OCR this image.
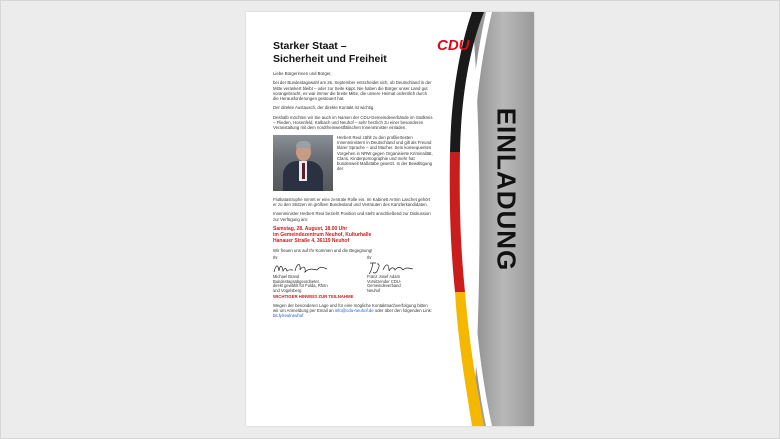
CDU
EINLADUNG
Starker Staat –
Sicherheit und Freiheit

Liebe Bürgerinnen und Bürger,

bei der Bundestagswahl am 26. September entscheidet sich, ob Deutschland in der Mitte verankert bleibt – oder zur Seite kippt. Nie haben die Bürger unser Land gut vorangebracht, es war immer die breite Mitte, die unsere Heimat ordentlich durch die Herausforderungen gesteuert hat.

Der direkte Austausch, der direkte Kontakt ist wichtig.

Deshalb möchten wir Sie auch im Namen der CDU-Gemeindeverbände im Südkreis – Flieden, Hosenfeld, Kalbach und Neuhof – sehr herzlich zu einer besonderen Veranstaltung mit dem nordrheinwestfälischen Innenminister einladen.

Herbert Reul zählt zu den profiliertesten Innenministern in Deutschland und gilt als Freund klarer Sprache – und Macher. Sein konsequentes Vorgehen in NRW gegen Organisierte Kriminalität, Clans, Kinderpornographie und mehr hat bundesweit Maßstäbe gesetzt. In der Bewältigung der

Flutkatastrophe nimmt er eine zentrale Rolle ein. Im Kabinett Armin Laschet gehört er zu den Stützen im größten Bundesland und Vertrauten des Kanzlerkandidaten.

Innenminister Herbert Reul bezieht Position und steht anschließend zur Diskussion zur Verfügung am:

Samstag, 28. August, 18.00 Uhr
im Gemeindezentrum Neuhof, Kulturhalle
Hanauer Straße 4, 36119 Neuhof

Wir freuen uns auf Ihr Kommen und die Begegnung!

Ihr
Michael Brand
Bundestagsabgeordneter,
direkt gewählt für Fulda, Rhön
und Vogelsberg
Ihr
Franz Josef Adam
Vorsitzender CDU-
Gemeindeverband
Neuhof
WICHTIGER HINWEIS ZUR TEILNAHME

Wegen der besonderen Lage und für eine mögliche Kontaktnachverfolgung bitten wir um Anmeldung per Email an info@cdu-neuhof.de oder über den folgenden Link: bit.ly/reulneuhof
